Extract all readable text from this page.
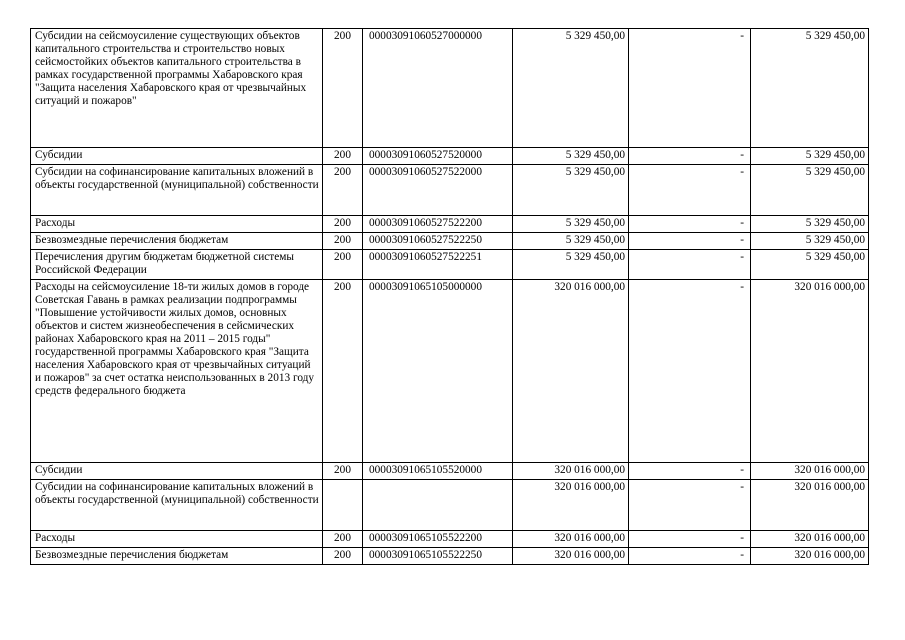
Субсидии на сейсмоусиление существующих объектов капитального строительства и строительство новых сейсмостойких объектов капитального строительства в рамках государственной программы Хабаровского края "Защита населения Хабаровского края от чрезвычайных ситуаций и пожаров"	200	00003091060527000000	5 329 450,00	-	5 329 450,00
Субсидии	200	00003091060527520000	5 329 450,00	-	5 329 450,00
Субсидии на софинансирование капитальных вложений в объекты государственной (муниципальной) собственности	200	00003091060527522000	5 329 450,00	-	5 329 450,00
Расходы	200	00003091060527522200	5 329 450,00	-	5 329 450,00
Безвозмездные перечисления бюджетам	200	00003091060527522250	5 329 450,00	-	5 329 450,00
Перечисления другим бюджетам бюджетной системы Российской Федерации	200	00003091060527522251	5 329 450,00	-	5 329 450,00
Расходы на сейсмоусиление 18-ти жилых домов в городе Советская Гавань в рамках реализации подпрограммы "Повышение устойчивости жилых домов, основных объектов и систем жизнеобеспечения в сейсмических районах Хабаровского края на 2011 – 2015 годы" государственной программы Хабаровского края "Защита населения Хабаровского края от чрезвычайных ситуаций и пожаров" за счет остатка неиспользованных в 2013 году средств федерального бюджета	200	00003091065105000000	320 016 000,00	-	320 016 000,00
Субсидии	200	00003091065105520000	320 016 000,00	-	320 016 000,00
Субсидии на софинансирование капитальных вложений в объекты государственной (муниципальной) собственности			320 016 000,00	-	320 016 000,00
Расходы	200	00003091065105522200	320 016 000,00	-	320 016 000,00
Безвозмездные перечисления бюджетам	200	00003091065105522250	320 016 000,00	-	320 016 000,00
